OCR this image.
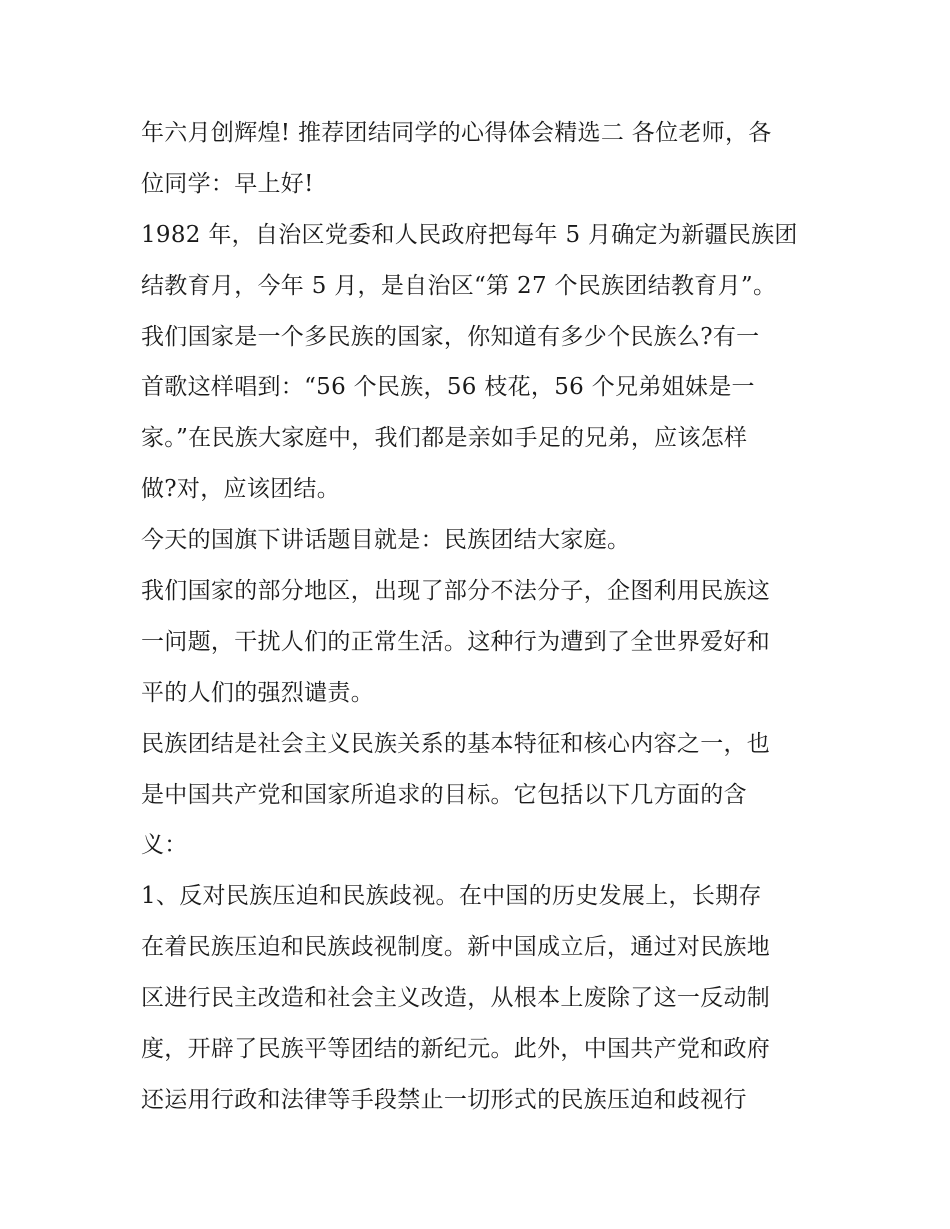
年六月创辉煌! 推荐团结同学的心得体会精选二 各位老师，各
位同学：早上好!
1982 年，自治区党委和人民政府把每年 5 月确定为新疆民族团
结教育月，今年 5 月，是自治区“第 27 个民族团结教育月”。
我们国家是一个多民族的国家，你知道有多少个民族么?有一
首歌这样唱到：“56 个民族，56 枝花，56 个兄弟姐妹是一
家。”在民族大家庭中，我们都是亲如手足的兄弟，应该怎样
做?对，应该团结。
今天的国旗下讲话题目就是：民族团结大家庭。
我们国家的部分地区，出现了部分不法分子，企图利用民族这
一问题，干扰人们的正常生活。这种行为遭到了全世界爱好和
平的人们的强烈谴责。
民族团结是社会主义民族关系的基本特征和核心内容之一，也
是中国共产党和国家所追求的目标。它包括以下几方面的含
义：
1、反对民族压迫和民族歧视。在中国的历史发展上，长期存
在着民族压迫和民族歧视制度。新中国成立后，通过对民族地
区进行民主改造和社会主义改造，从根本上废除了这一反动制
度，开辟了民族平等团结的新纪元。此外，中国共产党和政府
还运用行政和法律等手段禁止一切形式的民族压迫和歧视行
